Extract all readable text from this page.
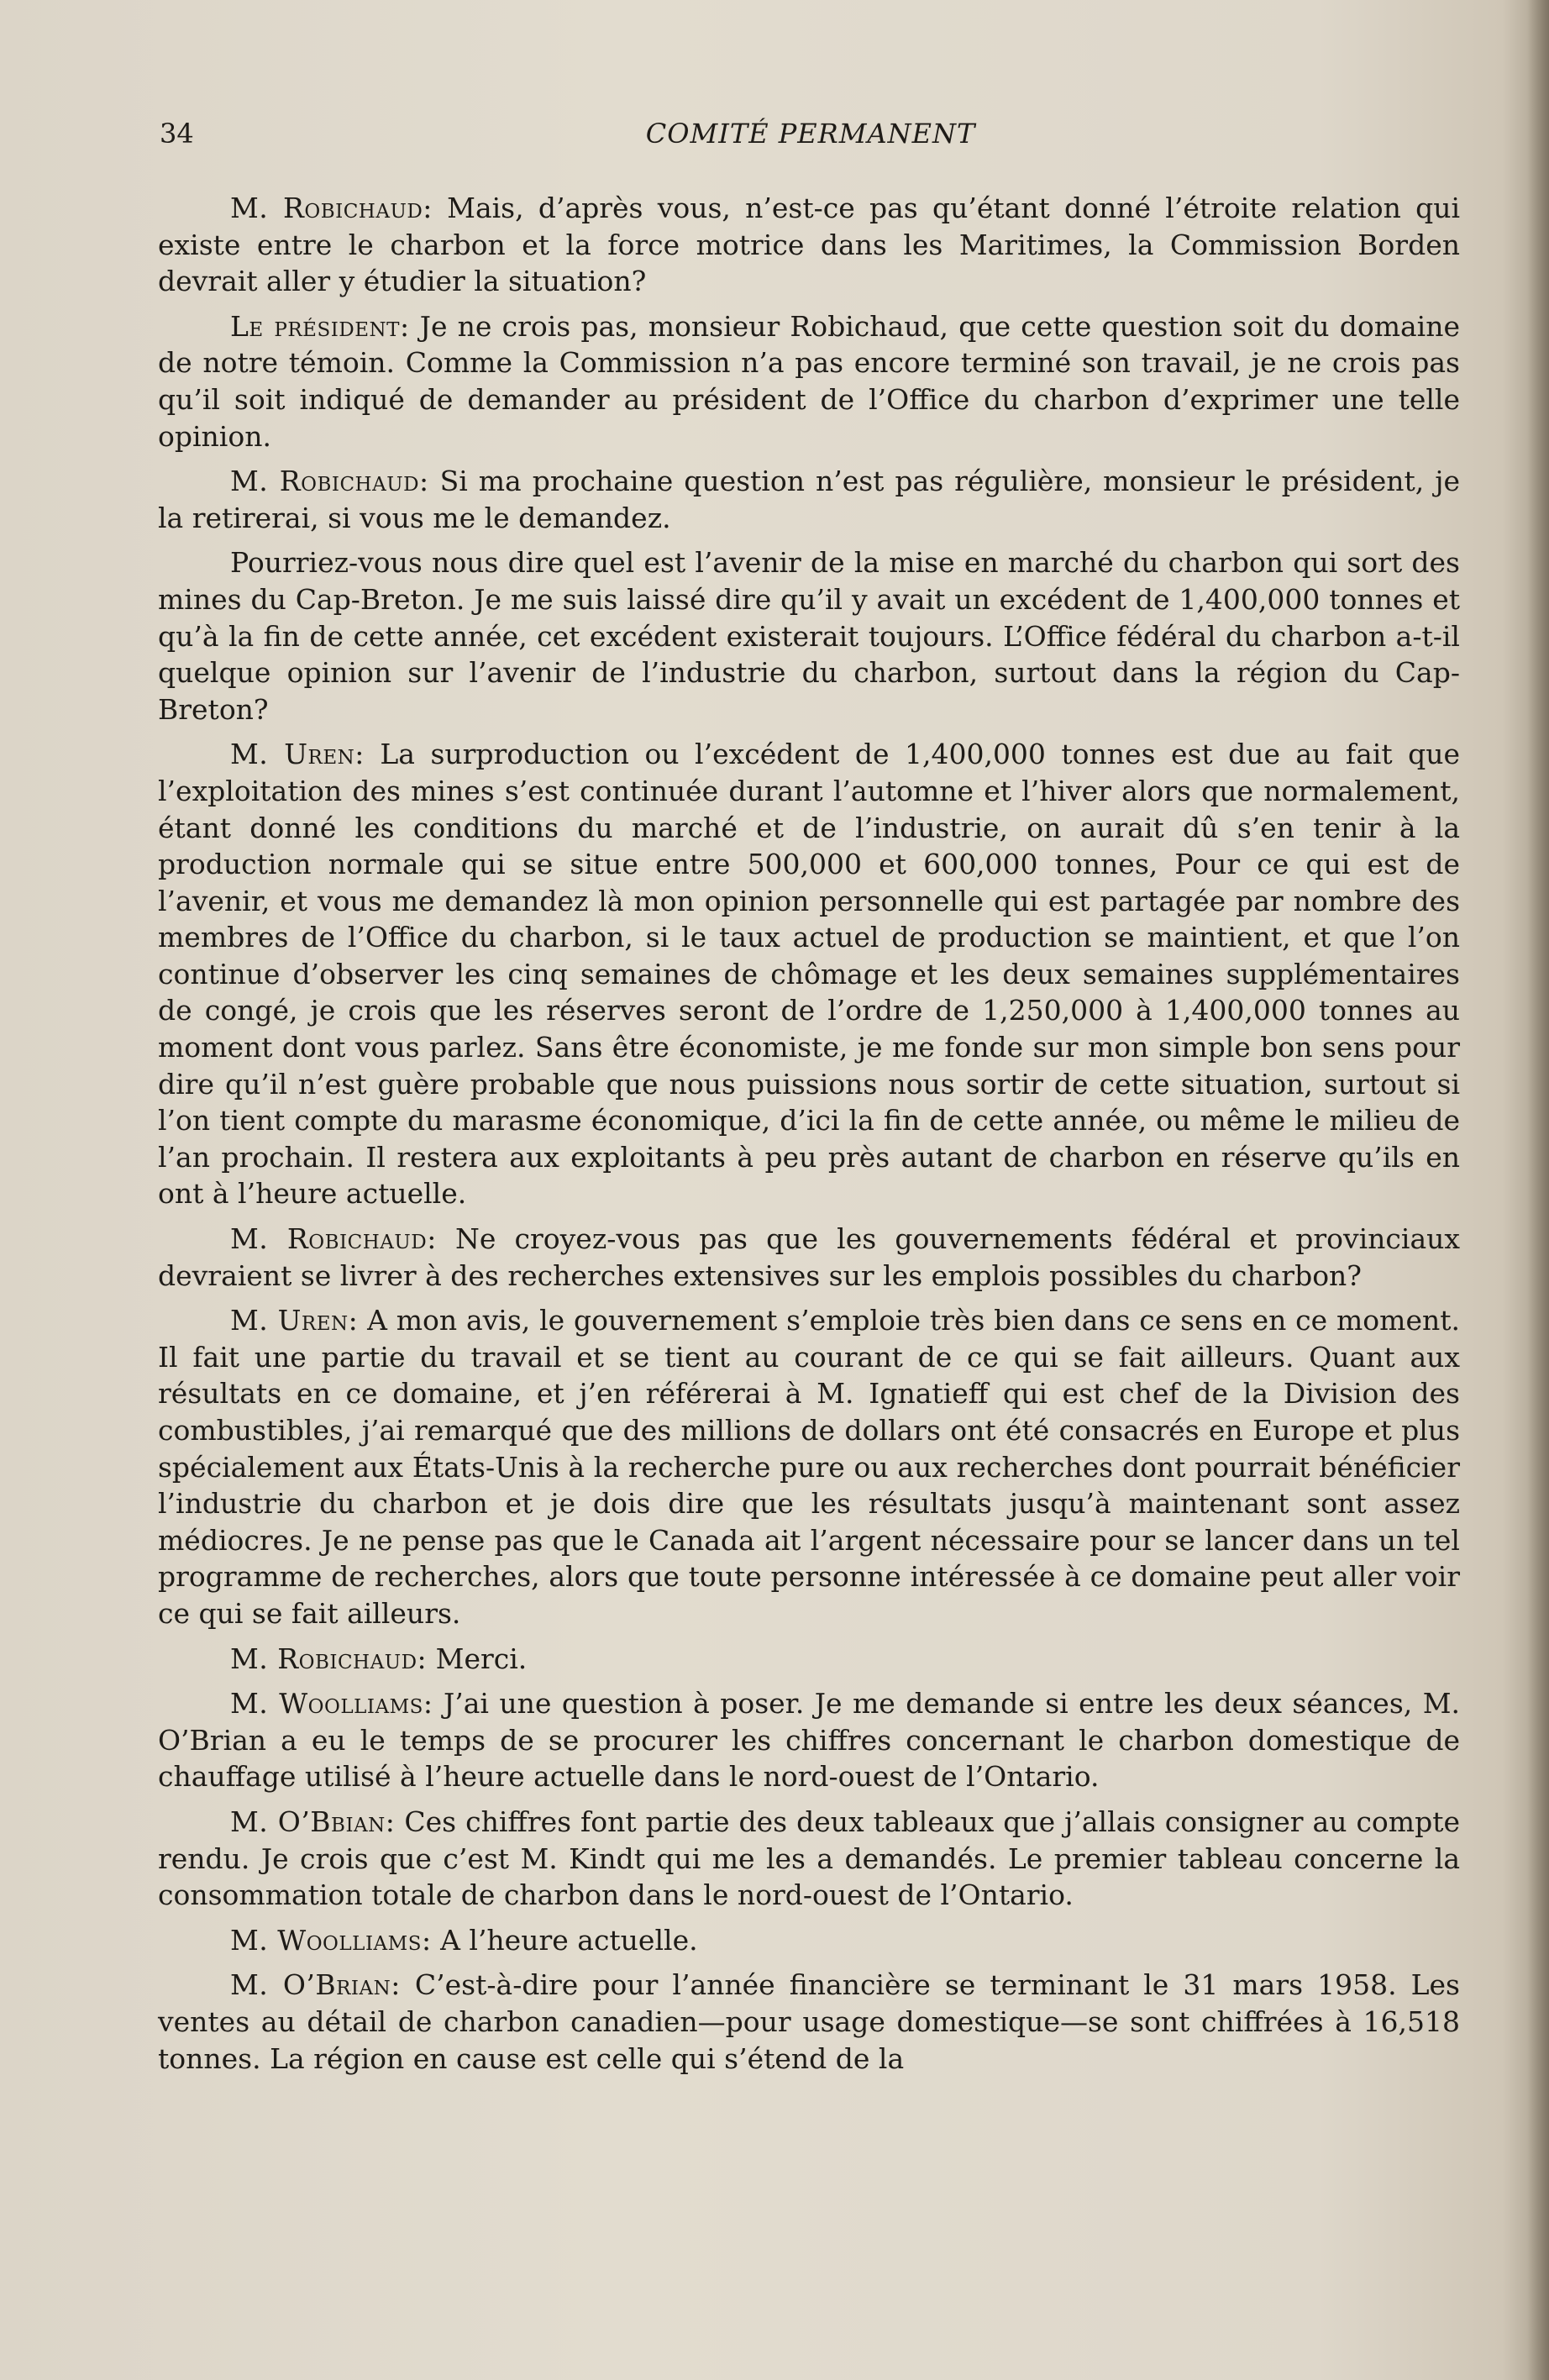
34	COMITÉ PERMANENT

M. Robichaud: Mais, d’après vous, n’est-ce pas qu’étant donné l’étroite relation qui existe entre le charbon et la force motrice dans les Maritimes, la Commission Borden devrait aller y étudier la situation?

Le président: Je ne crois pas, monsieur Robichaud, que cette question soit du domaine de notre témoin. Comme la Commission n’a pas encore terminé son travail, je ne crois pas qu’il soit indiqué de demander au président de l’Office du charbon d’exprimer une telle opinion.

M. Robichaud: Si ma prochaine question n’est pas régulière, monsieur le président, je la retirerai, si vous me le demandez.

Pourriez-vous nous dire quel est l’avenir de la mise en marché du charbon qui sort des mines du Cap-Breton. Je me suis laissé dire qu’il y avait un excédent de 1,400,000 tonnes et qu’à la fin de cette année, cet excédent existerait toujours. L’Office fédéral du charbon a-t-il quelque opinion sur l’avenir de l’industrie du charbon, surtout dans la région du Cap-Breton?

M. Uren: La surproduction ou l’excédent de 1,400,000 tonnes est due au fait que l’exploitation des mines s’est continuée durant l’automne et l’hiver alors que normalement, étant donné les conditions du marché et de l’industrie, on aurait dû s’en tenir à la production normale qui se situe entre 500,000 et 600,000 tonnes, Pour ce qui est de l’avenir, et vous me demandez là mon opinion personnelle qui est partagée par nombre des membres de l’Office du charbon, si le taux actuel de production se maintient, et que l’on continue d’observer les cinq semaines de chômage et les deux semaines supplémentaires de congé, je crois que les réserves seront de l’ordre de 1,250,000 à 1,400,000 tonnes au moment dont vous parlez. Sans être économiste, je me fonde sur mon simple bon sens pour dire qu’il n’est guère probable que nous puissions nous sortir de cette situation, surtout si l’on tient compte du marasme économique, d’ici la fin de cette année, ou même le milieu de l’an prochain. Il restera aux exploitants à peu près autant de charbon en réserve qu’ils en ont à l’heure actuelle.

M. Robichaud: Ne croyez-vous pas que les gouvernements fédéral et provinciaux devraient se livrer à des recherches extensives sur les emplois possibles du charbon?

M. Uren: A mon avis, le gouvernement s’emploie très bien dans ce sens en ce moment. Il fait une partie du travail et se tient au courant de ce qui se fait ailleurs. Quant aux résultats en ce domaine, et j’en référerai à M. Ignatieff qui est chef de la Division des combustibles, j’ai remarqué que des millions de dollars ont été consacrés en Europe et plus spécialement aux États-Unis à la recherche pure ou aux recherches dont pourrait bénéficier l’industrie du charbon et je dois dire que les résultats jusqu’à maintenant sont assez médiocres. Je ne pense pas que le Canada ait l’argent nécessaire pour se lancer dans un tel programme de recherches, alors que toute personne intéressée à ce domaine peut aller voir ce qui se fait ailleurs.

M. Robichaud: Merci.

M. Woolliams: J’ai une question à poser. Je me demande si entre les deux séances, M. O’Brian a eu le temps de se procurer les chiffres concernant le charbon domestique de chauffage utilisé à l’heure actuelle dans le nord-ouest de l’Ontario.

M. O’Bbian: Ces chiffres font partie des deux tableaux que j’allais consigner au compte rendu. Je crois que c’est M. Kindt qui me les a demandés. Le premier tableau concerne la consommation totale de charbon dans le nord-ouest de l’Ontario.

M. Woolliams: A l’heure actuelle.

M. O’Brian: C’est-à-dire pour l’année financière se terminant le 31 mars 1958. Les ventes au détail de charbon canadien—pour usage domestique—se sont chiffrées à 16,518 tonnes. La région en cause est celle qui s’étend de la
